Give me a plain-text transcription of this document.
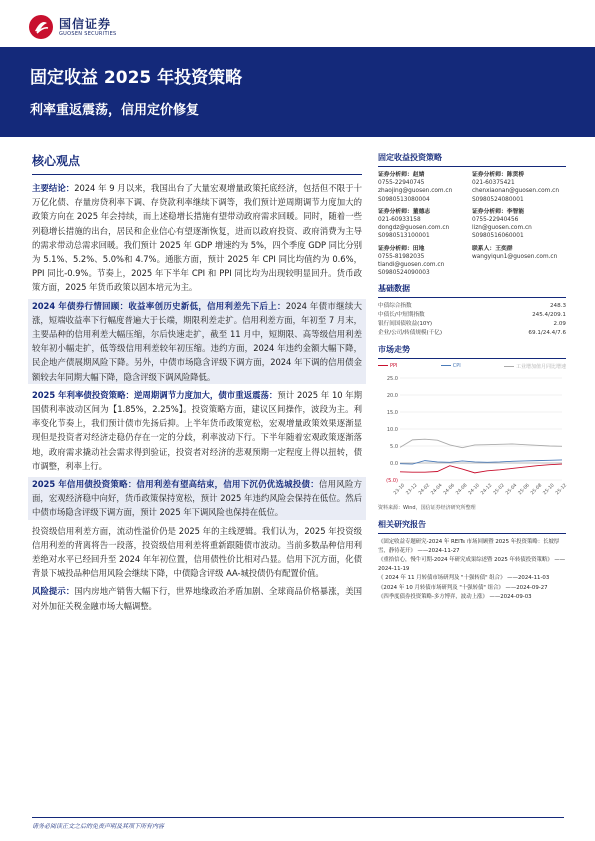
国信证券
GUOSEN SECURITIES
固定收益 2025 年投资策略
利率重返震荡，信用定价修复
核心观点

主要结论：2024 年 9 月以来，我国出台了大量宏观增量政策托底经济，包括但不限于十万亿化债、存量房贷利率下调、存贷款利率继续下调等，我们预计逆周期调节力度加大的政策方向在 2025 年会持续，而上述稳增长措施有望带动政府需求回暖。同时，随着一些列稳增长措施的出台，居民和企业信心有望逐渐恢复，进而以政府投资、政府消费为主导的需求带动总需求回暖。我们预计 2025 年 GDP 增速约为 5%，四个季度 GDP 同比分别为 5.1%、5.2%、5.0%和 4.7%。通胀方面，预计 2025 年 CPI 同比均值约为 0.6%，PPI 同比-0.9%。节奏上，2025 年下半年 CPI 和 PPI 同比均为出现较明显回升。货币政策方面，2025 年货币政策以固本培元为主。

2024 年债券行情回顾：收益率创历史新低，信用利差先下后上：2024 年债市继续大涨，短端收益率下行幅度普遍大于长端，期限利差走扩。信用利差方面，年初至 7 月末，主要品种的信用利差大幅压缩，尔后快速走扩，截至 11 月中，短期限、高等级信用利差较年初小幅走扩，低等级信用利差较年初压缩。违约方面，2024 年违约金额大幅下降，民企地产债展期风险下降。另外，中债市场隐含评级下调方面，2024 年下调的信用债金额较去年同期大幅下降，隐含评级下调风险降低。

2025 年利率债投资策略：逆周期调节力度加大，债市重返震荡：预计 2025 年 10 年期国债利率波动区间为【1.85%，2.25%】。投资策略方面，建议区间操作，波段为主。利率变化节奏上，我们预计债市先扬后抑。上半年货币政策宽松，宏观增量政策效果逐渐显现但是投资者对经济走稳仍存在一定的分歧，利率波动下行。下半年随着宏观政策逐渐落地，政府需求撬动社会需求得到验证，投资者对经济的悲观预期一定程度上得以扭转，债市调整，利率上行。

2025 年信用债投资策略：信用利差有望高结束，信用下沉仍优选城投债：信用风险方面，宏观经济稳中向好，货币政策保持宽松，预计 2025 年违约风险会保持在低位。然后中债市场隐含评级下调方面，预计 2025 年下调风险也保持在低位。

投资级信用利差方面，流动性溢价仍是 2025 年的主线逻辑。我们认为，2025 年投资级信用利差的背离将告一段落，投资级信用利差将重新跟随债市波动。当前多数品种信用利差绝对水平已经回升至 2024 年年初位置，信用债性价比相对凸显。信用下沉方面，化债背景下城投品种信用风险会继续下降，中债隐含评级 AA-城投债仍有配置价值。

风险提示：国内房地产销售大幅下行，世界地缘政治矛盾加剧、全球商品价格暴涨，美国对外加征关税金融市场大幅调整。

固定收益投资策略
证券分析师：赵婧
0755-22940745
zhaojing@guosen.com.cn
S0980513080004
证券分析师：陈贯桥
021-60375421
chenxiaonan@guosen.com.cn
S0980524080001
证券分析师：董德志
021-60933158
dongdz@guosen.com.cn
S0980513100001
证券分析师：李智能
0755-22940456
lizn@guosen.com.cn
S0980516060001
证券分析师：田地
0755-81982035
tiandi@guosen.com.cn
S0980524090003
联系人：王奕群
wangyiqun1@guosen.com.cn
基础数据
中债综合指数	248.3
中债长/中短期指数	245.4/209.1
银行间国债收益(10Y)	2.09
企业/公司/转债规模(千亿)	69.1/24.4/7.6
市场走势
PPI	CPI	工业增加值月同比增速
25.0
20.0
15.0
10.0
5.0
0.0
(5.0)
23-10 23-12 24-02 24-04 24-06 24-08 24-10 24-12 25-02 25-04 25-06 25-08 25-10 25-12
资料来源：Wind，国信证券经济研究所整理
相关研究报告
《固定收益专题研究-2024 年 REITs 市场回顾暨 2025 年投资策略：长坡厚雪，静待花开》 ——2024-11-27
《重拾信心，慢牛可期-2024 年研究成果综述暨 2025 年转债投资策略》 ——2024-11-19
《 2024 年 11 月转债市场研判及 "十强转债" 组合》 ——2024-11-03
《2024 年 10 月转债市场研判及 "十强转债" 组合》 ——2024-09-27
《四季度债券投资策略-多方博弈，波动上涨》 ——2024-09-03
请务必阅读正文之后的免责声明及其项下所有内容
